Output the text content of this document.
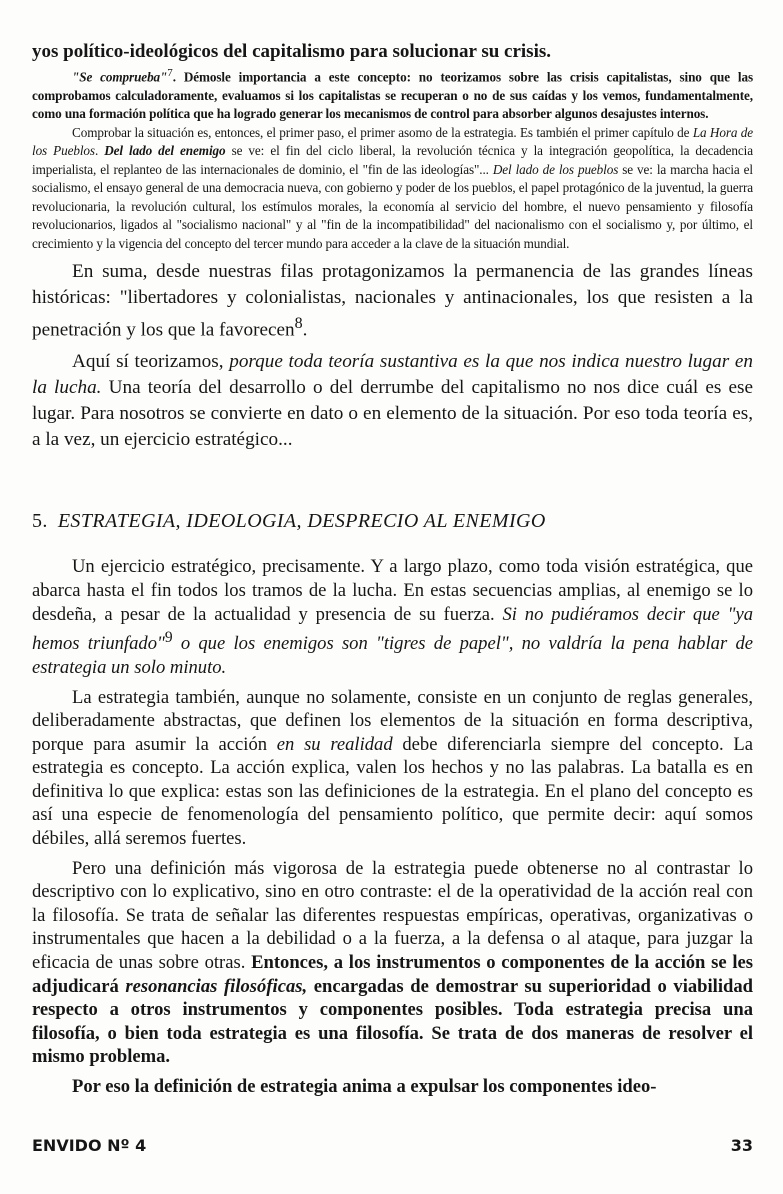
yos político-ideológicos del capitalismo para solucionar su crisis.

"Se comprueba"$^7$. Démosle importancia a este concepto: no teorizamos sobre las crisis capitalistas, sino que las comprobamos calculadoramente, evaluamos si los capitalistas se recuperan o no de sus caídas y los vemos, fundamentalmente, como una formación política que ha logrado generar los mecanismos de control para absorber algunos desajustes internos.

Comprobar la situación es, entonces, el primer paso, el primer asomo de la estrategia. Es también el primer capítulo de La Hora de los Pueblos. Del lado del enemigo se ve: el fin del ciclo liberal, la revolución técnica y la integración geopolítica, la decadencia imperialista, el replanteo de las internacionales de dominio, el "fin de las ideologías"... Del lado de los pueblos se ve: la marcha hacia el socialismo, el ensayo general de una democracia nueva, con gobierno y poder de los pueblos, el papel protagónico de la juventud, la guerra revolucionaria, la revolución cultural, los estímulos morales, la economía al servicio del hombre, el nuevo pensamiento y filosofía revolucionarios, ligados al "socialismo nacional" y al "fin de la incompatibilidad" del nacionalismo con el socialismo y, por último, el crecimiento y la vigencia del concepto del tercer mundo para acceder a la clave de la situación mundial.

En suma, desde nuestras filas protagonizamos la permanencia de las grandes líneas históricas: "libertadores y colonialistas, nacionales y antinacionales, los que resisten a la penetración y los que la favorecen$^8$.

Aquí sí teorizamos, porque toda teoría sustantiva es la que nos indica nuestro lugar en la lucha. Una teoría del desarrollo o del derrumbe del capitalismo no nos dice cuál es ese lugar. Para nosotros se convierte en dato o en elemento de la situación. Por eso toda teoría es, a la vez, un ejercicio estratégico...

5. ESTRATEGIA, IDEOLOGIA, DESPRECIO AL ENEMIGO

Un ejercicio estratégico, precisamente. Y a largo plazo, como toda visión estratégica, que abarca hasta el fin todos los tramos de la lucha. En estas secuencias amplias, al enemigo se lo desdeña, a pesar de la actualidad y presencia de su fuerza. Si no pudiéramos decir que "ya hemos triunfado"$^9$ o que los enemigos son "tigres de papel", no valdría la pena hablar de estrategia un solo minuto.

La estrategia también, aunque no solamente, consiste en un conjunto de reglas generales, deliberadamente abstractas, que definen los elementos de la situación en forma descriptiva, porque para asumir la acción en su realidad debe diferenciarla siempre del concepto. La estrategia es concepto. La acción explica, valen los hechos y no las palabras. La batalla es en definitiva lo que explica: estas son las definiciones de la estrategia. En el plano del concepto es así una especie de fenomenología del pensamiento político, que permite decir: aquí somos débiles, allá seremos fuertes.

Pero una definición más vigorosa de la estrategia puede obtenerse no al contrastar lo descriptivo con lo explicativo, sino en otro contraste: el de la operatividad de la acción real con la filosofía. Se trata de señalar las diferentes respuestas empíricas, operativas, organizativas o instrumentales que hacen a la debilidad o a la fuerza, a la defensa o al ataque, para juzgar la eficacia de unas sobre otras. Entonces, a los instrumentos o componentes de la acción se les adjudicará resonancias filosóficas, encargadas de demostrar su superioridad o viabilidad respecto a otros instrumentos y componentes posibles. Toda estrategia precisa una filosofía, o bien toda estrategia es una filosofía. Se trata de dos maneras de resolver el mismo problema.

Por eso la definición de estrategia anima a expulsar los componentes ideo-

ENVIDO Nº 4	33
